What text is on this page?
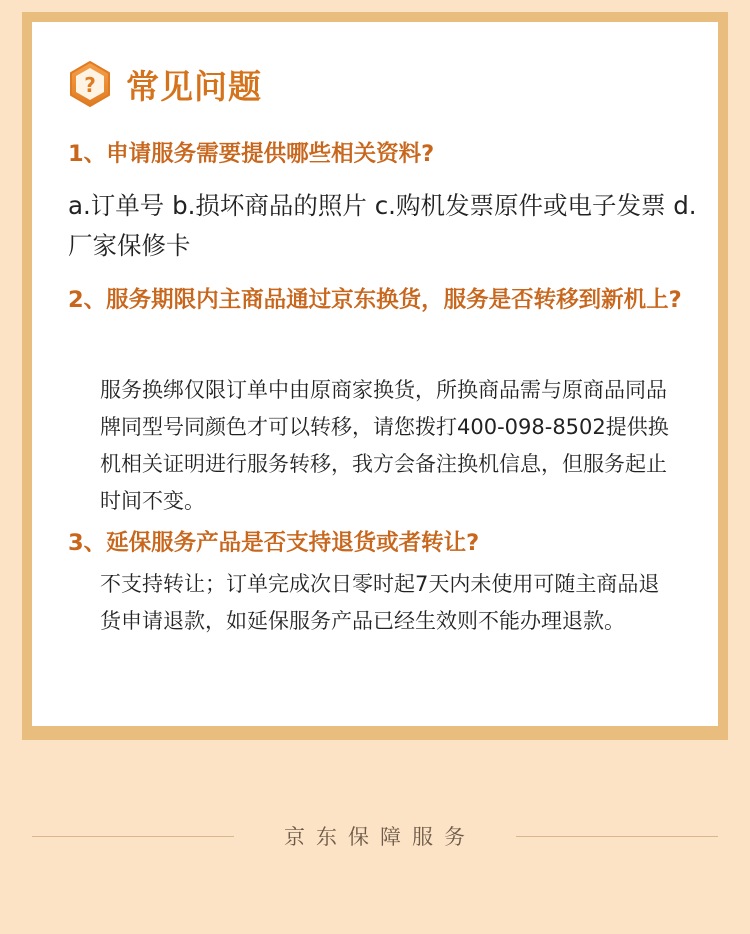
? 常见问题
1、申请服务需要提供哪些相关资料?
a.订单号 b.损坏商品的照片 c.购机发票原件或电子发票 d.厂家保修卡
2、服务期限内主商品通过京东换货，服务是否转移到新机上?
服务换绑仅限订单中由原商家换货，所换商品需与原商品同品牌同型号同颜色才可以转移，请您拨打400-098-8502提供换机相关证明进行服务转移，我方会备注换机信息，但服务起止时间不变。
3、延保服务产品是否支持退货或者转让?
不支持转让；订单完成次日零时起7天内未使用可随主商品退货申请退款，如延保服务产品已经生效则不能办理退款。
京东保障服务
